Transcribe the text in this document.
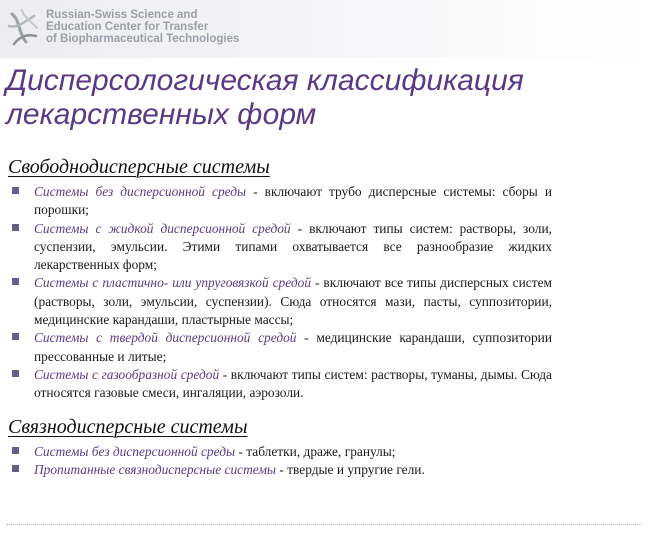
Russian-Swiss Science and
Education Center for Transfer
of Biopharmaceutical Technologies
Дисперсологическая классификация
лекарственных форм
Свободнодисперсные системы
Системы без дисперсионной среды - включают трубо дисперсные системы: сборы и порошки;
Системы с жидкой дисперсионной средой - включают типы систем: растворы, золи, суспензии, эмульсии. Этими типами охватывается все разнообразие жидких лекарственных форм;
Системы с пластично- или упруговязкой средой - включают все типы дисперсных систем (растворы, золи, эмульсии, суспензии). Сюда относятся мази, пасты, суппозитории, медицинские карандаши, пластырные массы;
Системы с твердой дисперсионной средой - медицинские карандаши, суппозитории прессованные и литые;
Системы с газообразной средой - включают типы систем: растворы, туманы, дымы. Сюда относятся газовые смеси, ингаляции, аэрозоли.
Связнодисперсные системы
Системы без дисперсионной среды - таблетки, драже, гранулы;
Пропитанные связнодисперсные системы - твердые и упругие гели.
